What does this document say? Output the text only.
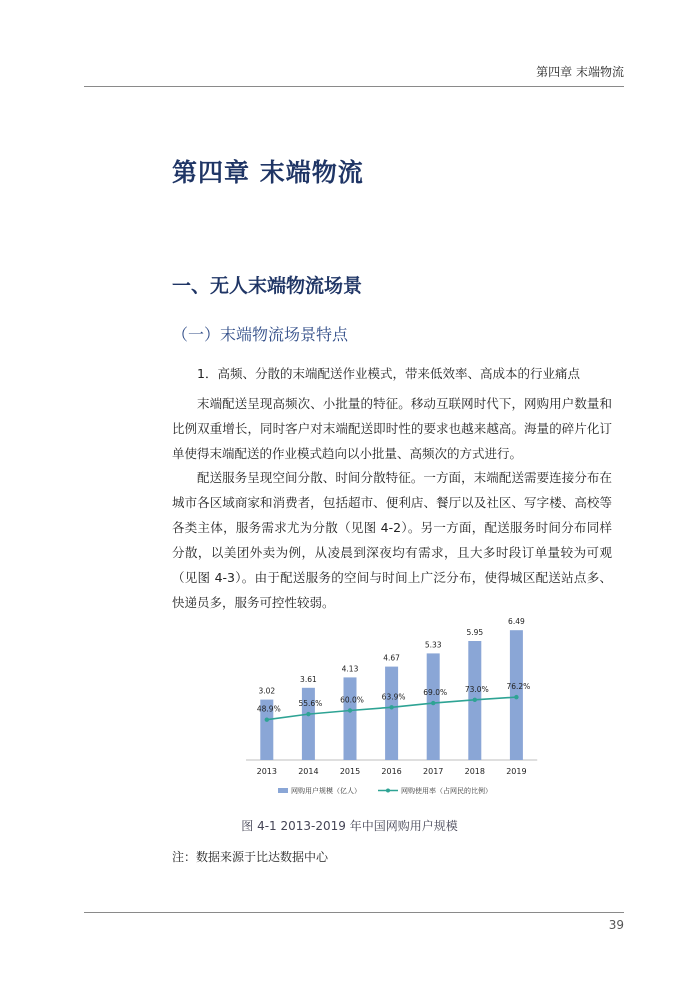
第四章 末端物流
第四章 末端物流
一、无人末端物流场景
（一）末端物流场景特点

1．高频、分散的末端配送作业模式，带来低效率、高成本的行业痛点

末端配送呈现高频次、小批量的特征。移动互联网时代下，网购用户数量和比例双重增长，同时客户对末端配送即时性的要求也越来越高。海量的碎片化订单使得末端配送的作业模式趋向以小批量、高频次的方式进行。

配送服务呈现空间分散、时间分散特征。一方面，末端配送需要连接分布在城市各区域商家和消费者，包括超市、便利店、餐厅以及社区、写字楼、高校等各类主体，服务需求尤为分散（见图 4-2）。另一方面，配送服务时间分布同样分散，以美团外卖为例，从凌晨到深夜均有需求，且大多时段订单量较为可观（见图 4-3）。由于配送服务的空间与时间上广泛分布，使得城区配送站点多、快递员多，服务可控性较弱。

3.02
2013
3.61
2014
4.13
2015
4.67
2016
5.33
2017
5.95
2018
6.49
2019
48.9%
55.6% 60.0% 63.9% 69.0% 73.0% 76.2%
网购用户规模（亿人）	网购使用率（占网民的比例）
图 4-1 2013-2019 年中国网购用户规模
注：数据来源于比达数据中心
39
